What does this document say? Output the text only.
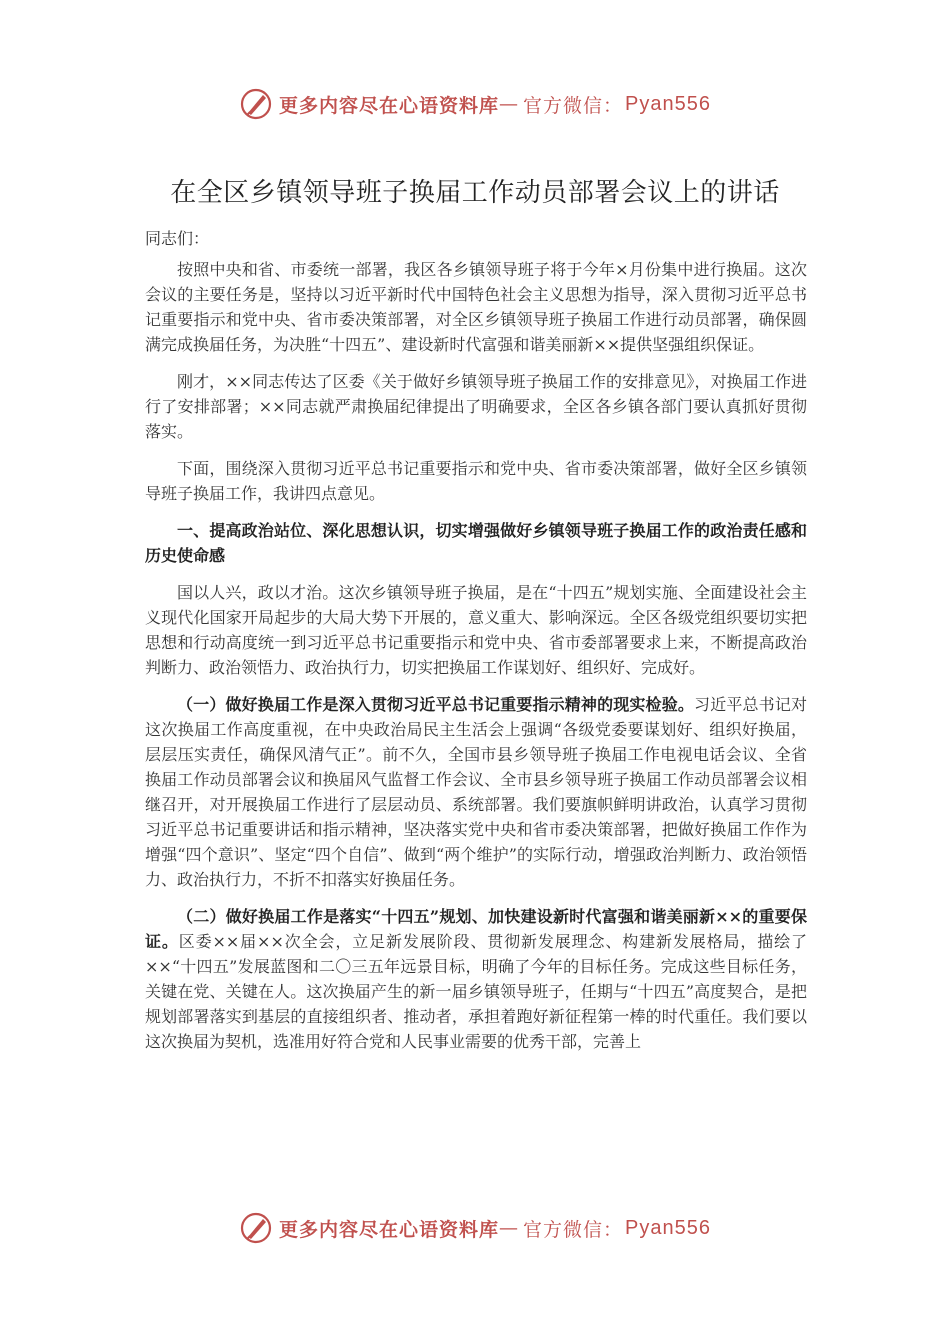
更多内容尽在心语资料库 — 官方微信： Pyan556
在全区乡镇领导班子换届工作动员部署会议上的讲话

同志们：

按照中央和省、市委统一部署，我区各乡镇领导班子将于今年×月份集中进行换届。这次会议的主要任务是，坚持以习近平新时代中国特色社会主义思想为指导，深入贯彻习近平总书记重要指示和党中央、省市委决策部署，对全区乡镇领导班子换届工作进行动员部署，确保圆满完成换届任务，为决胜“十四五”、建设新时代富强和谐美丽新××提供坚强组织保证。

刚才，××同志传达了区委《关于做好乡镇领导班子换届工作的安排意见》，对换届工作进行了安排部署；××同志就严肃换届纪律提出了明确要求，全区各乡镇各部门要认真抓好贯彻落实。

下面，围绕深入贯彻习近平总书记重要指示和党中央、省市委决策部署，做好全区乡镇领导班子换届工作，我讲四点意见。

一、提高政治站位、深化思想认识，切实增强做好乡镇领导班子换届工作的政治责任感和历史使命感

国以人兴，政以才治。这次乡镇领导班子换届，是在“十四五”规划实施、全面建设社会主义现代化国家开局起步的大局大势下开展的，意义重大、影响深远。全区各级党组织要切实把思想和行动高度统一到习近平总书记重要指示和党中央、省市委部署要求上来，不断提高政治判断力、政治领悟力、政治执行力，切实把换届工作谋划好、组织好、完成好。

（一）做好换届工作是深入贯彻习近平总书记重要指示精神的现实检验。习近平总书记对这次换届工作高度重视，在中央政治局民主生活会上强调“各级党委要谋划好、组织好换届，层层压实责任，确保风清气正”。前不久，全国市县乡领导班子换届工作电视电话会议、全省换届工作动员部署会议和换届风气监督工作会议、全市县乡领导班子换届工作动员部署会议相继召开，对开展换届工作进行了层层动员、系统部署。我们要旗帜鲜明讲政治，认真学习贯彻习近平总书记重要讲话和指示精神，坚决落实党中央和省市委决策部署，把做好换届工作作为增强“四个意识”、坚定“四个自信”、做到“两个维护”的实际行动，增强政治判断力、政治领悟力、政治执行力，不折不扣落实好换届任务。

（二）做好换届工作是落实“十四五”规划、加快建设新时代富强和谐美丽新××的重要保证。区委××届××次全会，立足新发展阶段、贯彻新发展理念、构建新发展格局，描绘了××“十四五”发展蓝图和二〇三五年远景目标，明确了今年的目标任务。完成这些目标任务，关键在党、关键在人。这次换届产生的新一届乡镇领导班子，任期与“十四五”高度契合，是把规划部署落实到基层的直接组织者、推动者，承担着跑好新征程第一棒的时代重任。我们要以这次换届为契机，选准用好符合党和人民事业需要的优秀干部，完善上

更多内容尽在心语资料库 — 官方微信： Pyan556
